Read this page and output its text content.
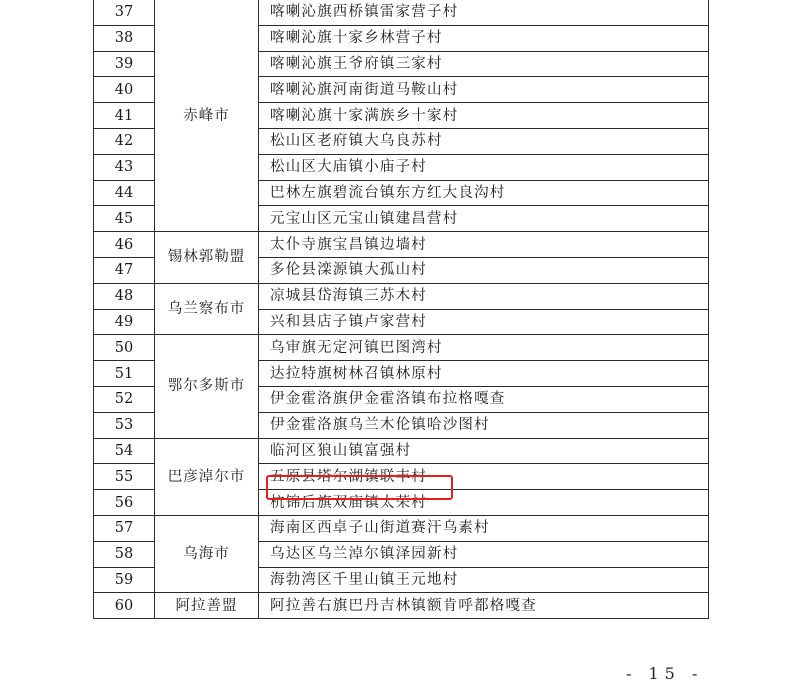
37	赤峰市	喀喇沁旗西桥镇雷家营子村
38		喀喇沁旗十家乡林营子村
39		喀喇沁旗王爷府镇三家村
40		喀喇沁旗河南街道马鞍山村
41		喀喇沁旗十家满族乡十家村
42		松山区老府镇大乌良苏村
43		松山区大庙镇小庙子村
44		巴林左旗碧流台镇东方红大良沟村
45		元宝山区元宝山镇建昌营村
46	锡林郭勒盟	太仆寺旗宝昌镇边墙村
47		多伦县滦源镇大孤山村
48	乌兰察布市	凉城县岱海镇三苏木村
49		兴和县店子镇卢家营村
50	鄂尔多斯市	乌审旗无定河镇巴图湾村
51		达拉特旗树林召镇林原村
52		伊金霍洛旗伊金霍洛镇布拉格嘎查
53		伊金霍洛旗乌兰木伦镇哈沙图村
54	巴彦淖尔市	临河区狼山镇富强村
55		五原县塔尔湖镇联丰村
56		杭锦后旗双庙镇太荣村
57	乌海市	海南区西卓子山街道赛汗乌素村
58		乌达区乌兰淖尔镇泽园新村
59		海勃湾区千里山镇王元地村
60	阿拉善盟	阿拉善右旗巴丹吉林镇额肯呼都格嘎查
- 15 -
